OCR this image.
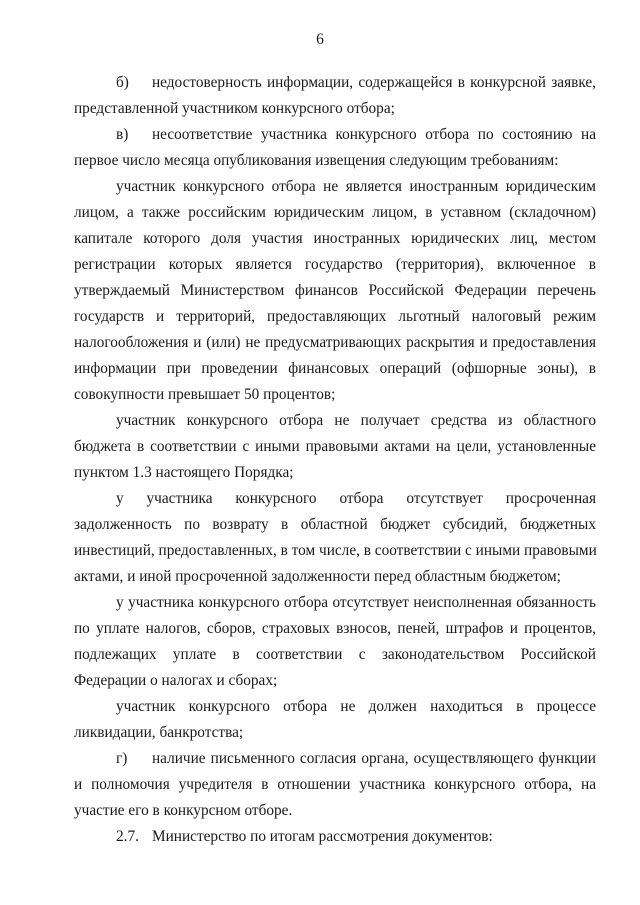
6
б) недостоверность информации, содержащейся в конкурсной заявке,
представленной участником конкурсного отбора;
в) несоответствие участника конкурсного отбора по состоянию на
первое число месяца опубликования извещения следующим требованиям:
участник конкурсного отбора не является иностранным юридическим
лицом, а также российским юридическим лицом, в уставном (складочном)
капитале которого доля участия иностранных юридических лиц, местом
регистрации которых является государство (территория), включенное в
утверждаемый Министерством финансов Российской Федерации перечень
государств и территорий, предоставляющих льготный налоговый режим
налогообложения и (или) не предусматривающих раскрытия и предоставления
информации при проведении финансовых операций (офшорные зоны), в
совокупности превышает 50 процентов;
участник конкурсного отбора не получает средства из областного
бюджета в соответствии с иными правовыми актами на цели, установленные
пунктом 1.3 настоящего Порядка;
у участника конкурсного отбора отсутствует просроченная
задолженность по возврату в областной бюджет субсидий, бюджетных
инвестиций, предоставленных, в том числе, в соответствии с иными правовыми
актами, и иной просроченной задолженности перед областным бюджетом;
у участника конкурсного отбора отсутствует неисполненная обязанность
по уплате налогов, сборов, страховых взносов, пеней, штрафов и процентов,
подлежащих уплате в соответствии с законодательством Российской
Федерации о налогах и сборах;
участник конкурсного отбора не должен находиться в процессе
ликвидации, банкротства;
г) наличие письменного согласия органа, осуществляющего функции
и полномочия учредителя в отношении участника конкурсного отбора, на
участие его в конкурсном отборе.
2.7. Министерство по итогам рассмотрения документов:
